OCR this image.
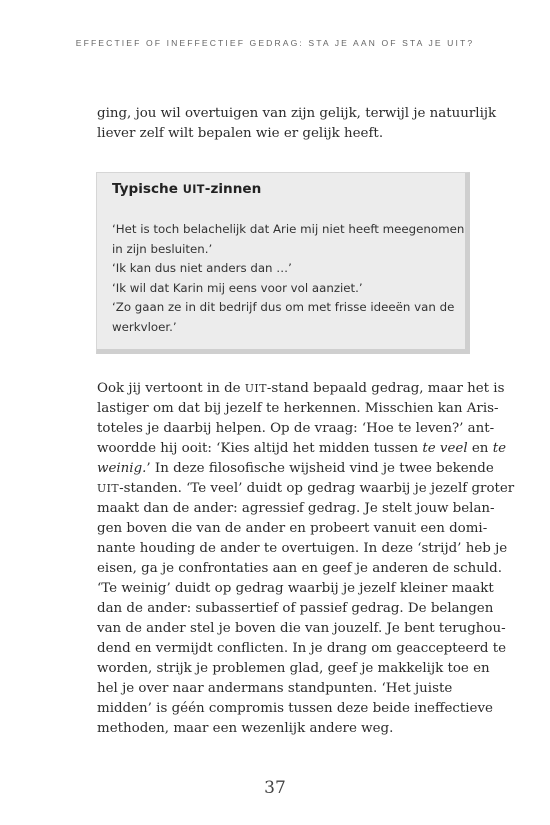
EFFECTIEF OF INEFFECTIEF GEDRAG: STA JE AAN OF STA JE UIT?

ging, jou wil overtuigen van zijn gelijk, terwijl je natuurlijk
liever zelf wilt bepalen wie er gelijk heeft.

Typische UIT-zinnen
‘Het is toch belachelijk dat Arie mij niet heeft meegenomen
in zijn besluiten.’
‘Ik kan dus niet anders dan …’
‘Ik wil dat Karin mij eens voor vol aanziet.’
‘Zo gaan ze in dit bedrijf dus om met frisse ideeën van de
werkvloer.’

Ook jij vertoont in de UIT-stand bepaald gedrag, maar het is
lastiger om dat bij jezelf te herkennen. Misschien kan Aris-
toteles je daarbij helpen. Op de vraag: ‘Hoe te leven?’ ant-
woordde hij ooit: ‘Kies altijd het midden tussen te veel en te
weinig.’ In deze filosofische wijsheid vind je twee bekende
UIT-standen. ‘Te veel’ duidt op gedrag waarbij je jezelf groter
maakt dan de ander: agressief gedrag. Je stelt jouw belan-
gen boven die van de ander en probeert vanuit een domi-
nante houding de ander te overtuigen. In deze ‘strijd’ heb je
eisen, ga je confrontaties aan en geef je anderen de schuld.
‘Te weinig’ duidt op gedrag waarbij je jezelf kleiner maakt
dan de ander: subassertief of passief gedrag. De belangen
van de ander stel je boven die van jouzelf. Je bent terughou-
dend en vermijdt conflicten. In je drang om geaccepteerd te
worden, strijk je problemen glad, geef je makkelijk toe en
hel je over naar andermans standpunten. ‘Het juiste
midden’ is géén compromis tussen deze beide ineffectieve
methoden, maar een wezenlijk andere weg.

37
